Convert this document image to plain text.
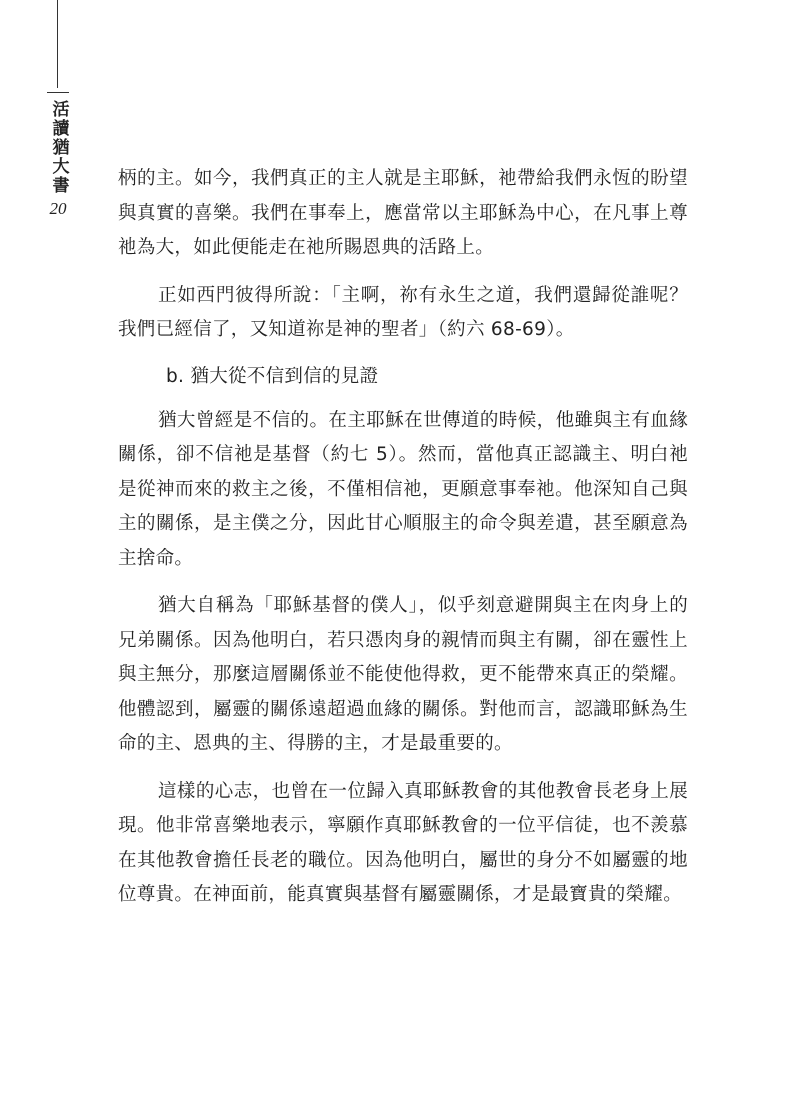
活讀猶大書
20

柄的主。如今，我們真正的主人就是主耶穌，祂帶給我們永恆的盼望與真實的喜樂。我們在事奉上，應當常以主耶穌為中心，在凡事上尊祂為大，如此便能走在祂所賜恩典的活路上。

正如西門彼得所說：「主啊，祢有永生之道，我們還歸從誰呢？我們已經信了，又知道祢是神的聖者」（約六 68-69）。

b. 猶大從不信到信的見證

猶大曾經是不信的。在主耶穌在世傳道的時候，他雖與主有血緣關係，卻不信祂是基督（約七 5）。然而，當他真正認識主、明白祂是從神而來的救主之後，不僅相信祂，更願意事奉祂。他深知自己與主的關係，是主僕之分，因此甘心順服主的命令與差遣，甚至願意為主捨命。

猶大自稱為「耶穌基督的僕人」，似乎刻意避開與主在肉身上的兄弟關係。因為他明白，若只憑肉身的親情而與主有關，卻在靈性上與主無分，那麼這層關係並不能使他得救，更不能帶來真正的榮耀。他體認到，屬靈的關係遠超過血緣的關係。對他而言，認識耶穌為生命的主、恩典的主、得勝的主，才是最重要的。

這樣的心志，也曾在一位歸入真耶穌教會的其他教會長老身上展現。他非常喜樂地表示，寧願作真耶穌教會的一位平信徒，也不羨慕在其他教會擔任長老的職位。因為他明白，屬世的身分不如屬靈的地位尊貴。在神面前，能真實與基督有屬靈關係，才是最寶貴的榮耀。
